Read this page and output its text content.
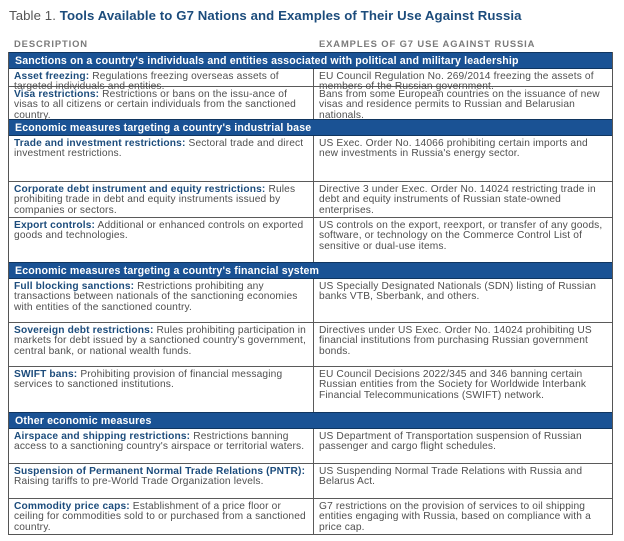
Table 1. Tools Available to G7 Nations and Examples of Their Use Against Russia
DESCRIPTION	EXAMPLES OF G7 USE AGAINST RUSSIA
Sanctions on a country's individuals and entities associated with political and military leadership
Asset freezing: Regulations freezing overseas assets of targeted individuals and entities.
EU Council Regulation No. 269/2014 freezing the assets of members of the Russian government.
Visa restrictions: Restrictions or bans on the issu-ance of visas to all citizens or certain individuals from the sanctioned country.
Bans from some European countries on the issuance of new visas and residence permits to Russian and Belarusian nationals.
Economic measures targeting a country's industrial base
Trade and investment restrictions: Sectoral trade and direct investment restrictions.
US Exec. Order No. 14066 prohibiting certain imports and new investments in Russia's energy sector.
Corporate debt instrument and equity restrictions: Rules prohibiting trade in debt and equity instruments issued by companies or sectors.
Directive 3 under Exec. Order No. 14024 restricting trade in debt and equity instruments of Russian state-owned enterprises.
Export controls: Additional or enhanced controls on exported goods and technologies.
US controls on the export, reexport, or transfer of any goods, software, or technology on the Commerce Control List of sensitive or dual-use items.
Economic measures targeting a country's financial system
Full blocking sanctions: Restrictions prohibiting any transactions between nationals of the sanctioning economies with entities of the sanctioned country.
US Specially Designated Nationals (SDN) listing of Russian banks VTB, Sberbank, and others.
Sovereign debt restrictions: Rules prohibiting participation in markets for debt issued by a sanctioned country's government, central bank, or national wealth funds.
Directives under US Exec. Order No. 14024 prohibiting US financial institutions from purchasing Russian government bonds.
SWIFT bans: Prohibiting provision of financial messaging services to sanctioned institutions.
EU Council Decisions 2022/345 and 346 banning certain Russian entities from the Society for Worldwide Interbank Financial Telecommunications (SWIFT) network.
Other economic measures
Airspace and shipping restrictions: Restrictions banning access to a sanctioning country's airspace or territorial waters.
US Department of Transportation suspension of Russian passenger and cargo flight schedules.
Suspension of Permanent Normal Trade Relations (PNTR): Raising tariffs to pre-World Trade Organization levels.
US Suspending Normal Trade Relations with Russia and Belarus Act.
Commodity price caps: Establishment of a price floor or ceiling for commodities sold to or purchased from a sanctioned country.
G7 restrictions on the provision of services to oil shipping entities engaging with Russia, based on compliance with a price cap.
